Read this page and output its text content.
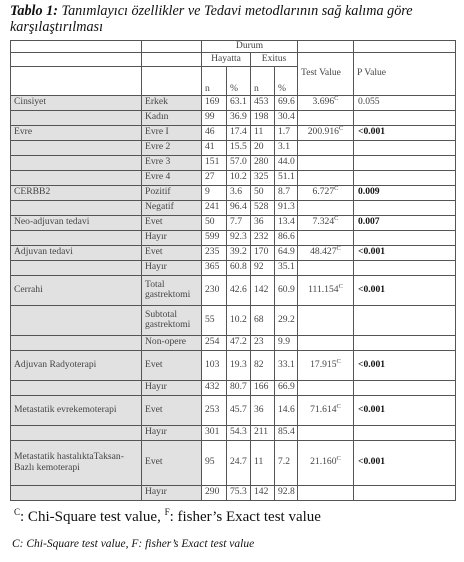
Tablo 1: Tanımlayıcı özellikler ve Tedavi metodlarının sağ kalıma göre karşılaştırılması
		Durum					
		Hayatta		Exitus		Test Value	P Value
		n	%	n	%		
Cinsiyet	Erkek	169	63.1	453	69.6	$3.696^C$	0.055
	Kadın	99	36.9	198	30.4		
Evre	Evre I	46	17.4	11	1.7	$200.916^C$	<0.001
	Evre 2	41	15.5	20	3.1		
	Evre 3	151	57.0	280	44.0		
	Evre 4	27	10.2	325	51.1		
CERBB2	Pozitif	9	3.6	50	8.7	$6.727^C$	0.009
	Negatif	241	96.4	528	91.3		
Neo-adjuvan tedavi	Evet	50	7.7	36	13.4	$7.324^C$	0.007
	Hayır	599	92.3	232	86.6		
Adjuvan tedavi	Evet	235	39.2	170	64.9	$48.427^C$	<0.001
	Hayır	365	60.8	92	35.1		
Cerrahi	Total gastrektomi	230	42.6	142	60.9	$111.154^C$	<0.001
	Subtotal gastrektomi	55	10.2	68	29.2		
	Non-opere	254	47.2	23	9.9		
Adjuvan Radyoterapi	Evet	103	19.3	82	33.1	$17.915^C$	<0.001
	Hayır	432	80.7	166	66.9		
Metastatik evrekemoterapi	Evet	253	45.7	36	14.6	$71.614^C$	<0.001
	Hayır	301	54.3	211	85.4		
Metastatik hastalıktaTaksan-Bazlı kemoterapi	Evet	95	24.7	11	7.2	$21.160^C$	<0.001
	Hayır	290	75.3	142	92.8		
$^C$: Chi-Square test value, $^F$: fisher’s Exact test value
C: Chi-Square test value, F: fisher’s Exact test value
